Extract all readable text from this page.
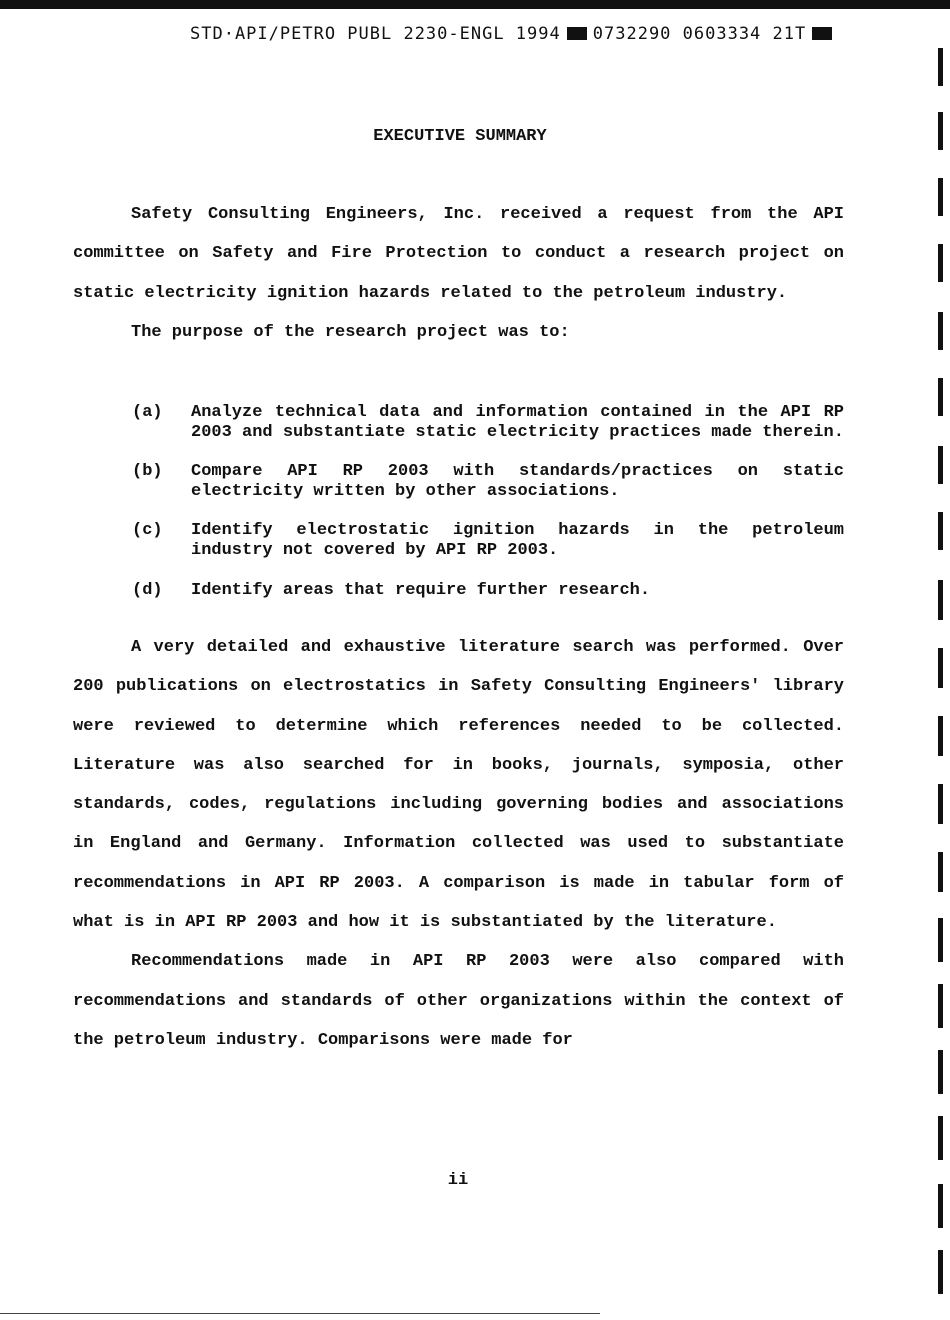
STD·API/PETRO PUBL 2230-ENGL 1994 0732290 0603334 21T
EXECUTIVE SUMMARY

Safety Consulting Engineers, Inc. received a request from the API committee on Safety and Fire Protection to conduct a research project on static electricity ignition hazards related to the petroleum industry.

The purpose of the research project was to:

(a) Analyze technical data and information contained in the API RP 2003 and substantiate static electricity practices made therein.
(b) Compare API RP 2003 with standards/practices on static electricity written by other associations.
(c) Identify electrostatic ignition hazards in the petroleum industry not covered by API RP 2003.
(d) Identify areas that require further research.

A very detailed and exhaustive literature search was performed. Over 200 publications on electrostatics in Safety Consulting Engineers' library were reviewed to determine which references needed to be collected. Literature was also searched for in books, journals, symposia, other standards, codes, regulations including governing bodies and associations in England and Germany. Information collected was used to substantiate recommendations in API RP 2003. A comparison is made in tabular form of what is in API RP 2003 and how it is substantiated by the literature.

Recommendations made in API RP 2003 were also compared with recommendations and standards of other organizations within the context of the petroleum industry. Comparisons were made for

ii
